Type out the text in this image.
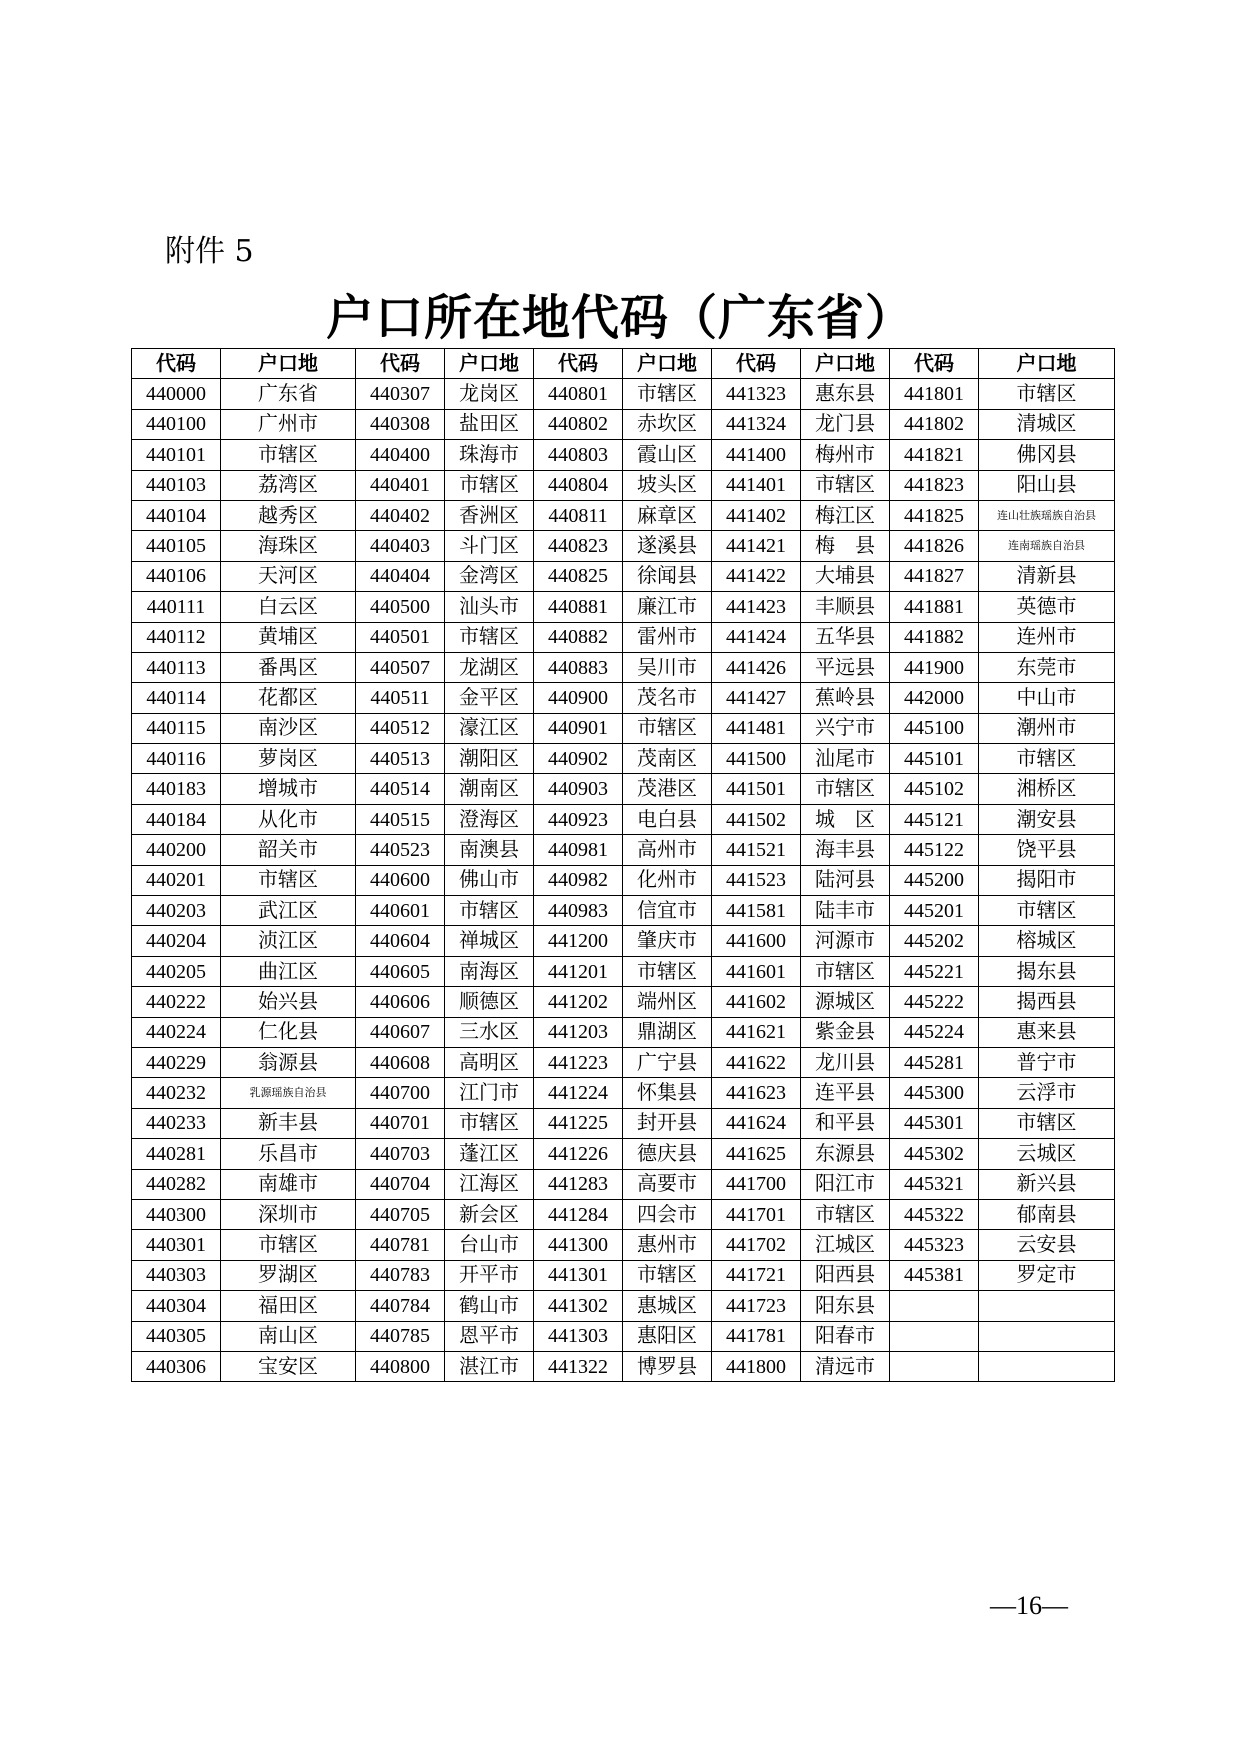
附件 5
户口所在地代码（广东省）
代码	户口地	代码	户口地	代码	户口地	代码	户口地	代码	户口地
440000	广东省	440307	龙岗区	440801	市辖区	441323	惠东县	441801	市辖区
440100	广州市	440308	盐田区	440802	赤坎区	441324	龙门县	441802	清城区
440101	市辖区	440400	珠海市	440803	霞山区	441400	梅州市	441821	佛冈县
440103	荔湾区	440401	市辖区	440804	坡头区	441401	市辖区	441823	阳山县
440104	越秀区	440402	香洲区	440811	麻章区	441402	梅江区	441825	连山壮族瑶族自治县
440105	海珠区	440403	斗门区	440823	遂溪县	441421	梅　县	441826	连南瑶族自治县
440106	天河区	440404	金湾区	440825	徐闻县	441422	大埔县	441827	清新县
440111	白云区	440500	汕头市	440881	廉江市	441423	丰顺县	441881	英德市
440112	黄埔区	440501	市辖区	440882	雷州市	441424	五华县	441882	连州市
440113	番禺区	440507	龙湖区	440883	吴川市	441426	平远县	441900	东莞市
440114	花都区	440511	金平区	440900	茂名市	441427	蕉岭县	442000	中山市
440115	南沙区	440512	濠江区	440901	市辖区	441481	兴宁市	445100	潮州市
440116	萝岗区	440513	潮阳区	440902	茂南区	441500	汕尾市	445101	市辖区
440183	增城市	440514	潮南区	440903	茂港区	441501	市辖区	445102	湘桥区
440184	从化市	440515	澄海区	440923	电白县	441502	城　区	445121	潮安县
440200	韶关市	440523	南澳县	440981	高州市	441521	海丰县	445122	饶平县
440201	市辖区	440600	佛山市	440982	化州市	441523	陆河县	445200	揭阳市
440203	武江区	440601	市辖区	440983	信宜市	441581	陆丰市	445201	市辖区
440204	浈江区	440604	禅城区	441200	肇庆市	441600	河源市	445202	榕城区
440205	曲江区	440605	南海区	441201	市辖区	441601	市辖区	445221	揭东县
440222	始兴县	440606	顺德区	441202	端州区	441602	源城区	445222	揭西县
440224	仁化县	440607	三水区	441203	鼎湖区	441621	紫金县	445224	惠来县
440229	翁源县	440608	高明区	441223	广宁县	441622	龙川县	445281	普宁市
440232	乳源瑶族自治县	440700	江门市	441224	怀集县	441623	连平县	445300	云浮市
440233	新丰县	440701	市辖区	441225	封开县	441624	和平县	445301	市辖区
440281	乐昌市	440703	蓬江区	441226	德庆县	441625	东源县	445302	云城区
440282	南雄市	440704	江海区	441283	高要市	441700	阳江市	445321	新兴县
440300	深圳市	440705	新会区	441284	四会市	441701	市辖区	445322	郁南县
440301	市辖区	440781	台山市	441300	惠州市	441702	江城区	445323	云安县
440303	罗湖区	440783	开平市	441301	市辖区	441721	阳西县	445381	罗定市
440304	福田区	440784	鹤山市	441302	惠城区	441723	阳东县		
440305	南山区	440785	恩平市	441303	惠阳区	441781	阳春市		
440306	宝安区	440800	湛江市	441322	博罗县	441800	清远市		
—16—
